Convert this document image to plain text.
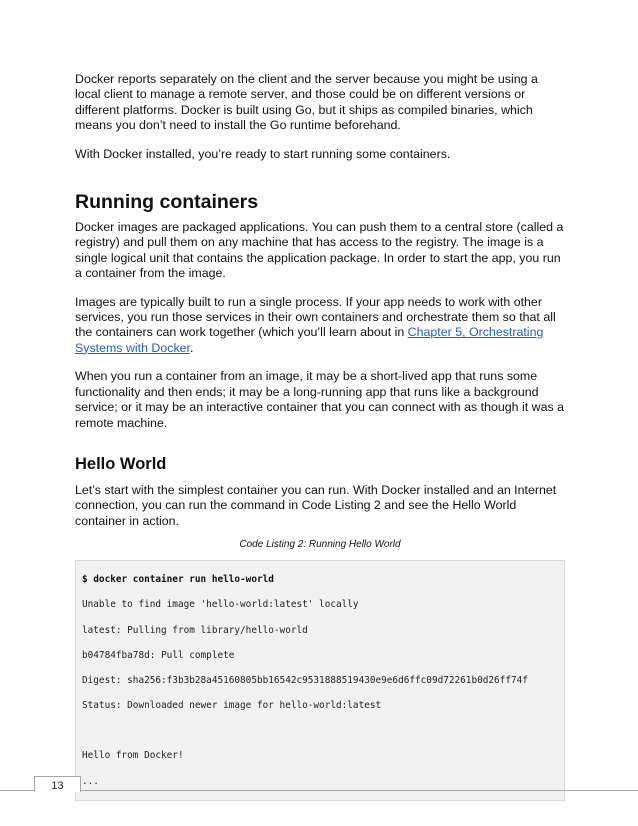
Docker reports separately on the client and the server because you might be using a local client to manage a remote server, and those could be on different versions or different platforms. Docker is built using Go, but it ships as compiled binaries, which means you don’t need to install the Go runtime beforehand.

With Docker installed, you’re ready to start running some containers.

Running containers

Docker images are packaged applications. You can push them to a central store (called a registry) and pull them on any machine that has access to the registry. The image is a single logical unit that contains the application package. In order to start the app, you run a container from the image.

Images are typically built to run a single process. If your app needs to work with other services, you run those services in their own containers and orchestrate them so that all the containers can work together (which you’ll learn about in Chapter 5, Orchestrating Systems with Docker.

When you run a container from an image, it may be a short-lived app that runs some functionality and then ends; it may be a long-running app that runs like a background service; or it may be an interactive container that you can connect with as though it was a remote machine.

Hello World

Let’s start with the simplest container you can run. With Docker installed and an Internet connection, you can run the command in Code Listing 2 and see the Hello World container in action.

Code Listing 2: Running Hello World
$ docker container run hello-world
Unable to find image 'hello-world:latest' locally
latest: Pulling from library/hello-world
b04784fba78d: Pull complete
Digest: sha256:f3b3b28a45160805bb16542c9531888519430e9e6d6ffc09d72261b0d26ff74f
Status: Downloaded newer image for hello-world:latest
Hello from Docker!
...
13
